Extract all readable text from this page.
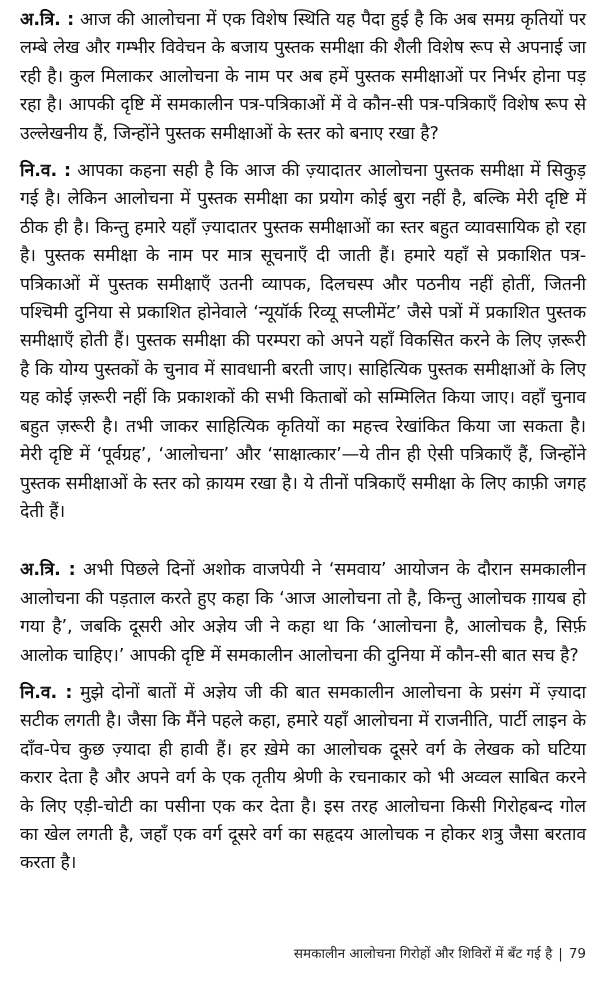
अ.त्रि. : आज की आलोचना में एक विशेष स्थिति यह पैदा हुई है कि अब समग्र कृतियों पर लम्बे लेख और गम्भीर विवेचन के बजाय पुस्तक समीक्षा की शैली विशेष रूप से अपनाई जा रही है। कुल मिलाकर आलोचना के नाम पर अब हमें पुस्तक समीक्षाओं पर निर्भर होना पड़ रहा है। आपकी दृष्टि में समकालीन पत्र-पत्रिकाओं में वे कौन-सी पत्र-पत्रिकाएँ विशेष रूप से उल्लेखनीय हैं, जिन्होंने पुस्तक समीक्षाओं के स्तर को बनाए रखा है?

नि.व. : आपका कहना सही है कि आज की ज़्यादातर आलोचना पुस्तक समीक्षा में सिकुड़ गई है। लेकिन आलोचना में पुस्तक समीक्षा का प्रयोग कोई बुरा नहीं है, बल्कि मेरी दृष्टि में ठीक ही है। किन्तु हमारे यहाँ ज़्यादातर पुस्तक समीक्षाओं का स्तर बहुत व्यावसायिक हो रहा है। पुस्तक समीक्षा के नाम पर मात्र सूचनाएँ दी जाती हैं। हमारे यहाँ से प्रकाशित पत्र-पत्रिकाओं में पुस्तक समीक्षाएँ उतनी व्यापक, दिलचस्प और पठनीय नहीं होतीं, जितनी पश्चिमी दुनिया से प्रकाशित होनेवाले ‘न्यूयॉर्क रिव्यू सप्लीमेंट’ जैसे पत्रों में प्रकाशित पुस्तक समीक्षाएँ होती हैं। पुस्तक समीक्षा की परम्परा को अपने यहाँ विकसित करने के लिए ज़रूरी है कि योग्य पुस्तकों के चुनाव में सावधानी बरती जाए। साहित्यिक पुस्तक समीक्षाओं के लिए यह कोई ज़रूरी नहीं कि प्रकाशकों की सभी किताबों को सम्मिलित किया जाए। वहाँ चुनाव बहुत ज़रूरी है। तभी जाकर साहित्यिक कृतियों का महत्त्व रेखांकित किया जा सकता है। मेरी दृष्टि में ‘पूर्वग्रह’, ‘आलोचना’ और ‘साक्षात्कार’—ये तीन ही ऐसी पत्रिकाएँ हैं, जिन्होंने पुस्तक समीक्षाओं के स्तर को क़ायम रखा है। ये तीनों पत्रिकाएँ समीक्षा के लिए काफ़ी जगह देती हैं।

अ.त्रि. : अभी पिछले दिनों अशोक वाजपेयी ने ‘समवाय’ आयोजन के दौरान समकालीन आलोचना की पड़ताल करते हुए कहा कि ‘आज आलोचना तो है, किन्तु आलोचक ग़ायब हो गया है’, जबकि दूसरी ओर अज्ञेय जी ने कहा था कि ‘आलोचना है, आलोचक है, सिर्फ़ आलोक चाहिए।’ आपकी दृष्टि में समकालीन आलोचना की दुनिया में कौन-सी बात सच है?

नि.व. : मुझे दोनों बातों में अज्ञेय जी की बात समकालीन आलोचना के प्रसंग में ज़्यादा सटीक लगती है। जैसा कि मैंने पहले कहा, हमारे यहाँ आलोचना में राजनीति, पार्टी लाइन के दाँव-पेच कुछ ज़्यादा ही हावी हैं। हर ख़ेमे का आलोचक दूसरे वर्ग के लेखक को घटिया करार देता है और अपने वर्ग के एक तृतीय श्रेणी के रचनाकार को भी अव्वल साबित करने के लिए एड़ी-चोटी का पसीना एक कर देता है। इस तरह आलोचना किसी गिरोहबन्द गोल का खेल लगती है, जहाँ एक वर्ग दूसरे वर्ग का सहृदय आलोचक न होकर शत्रु जैसा बरताव करता है।

समकालीन आलोचना गिरोहों और शिविरों में बँट गई है | 79
